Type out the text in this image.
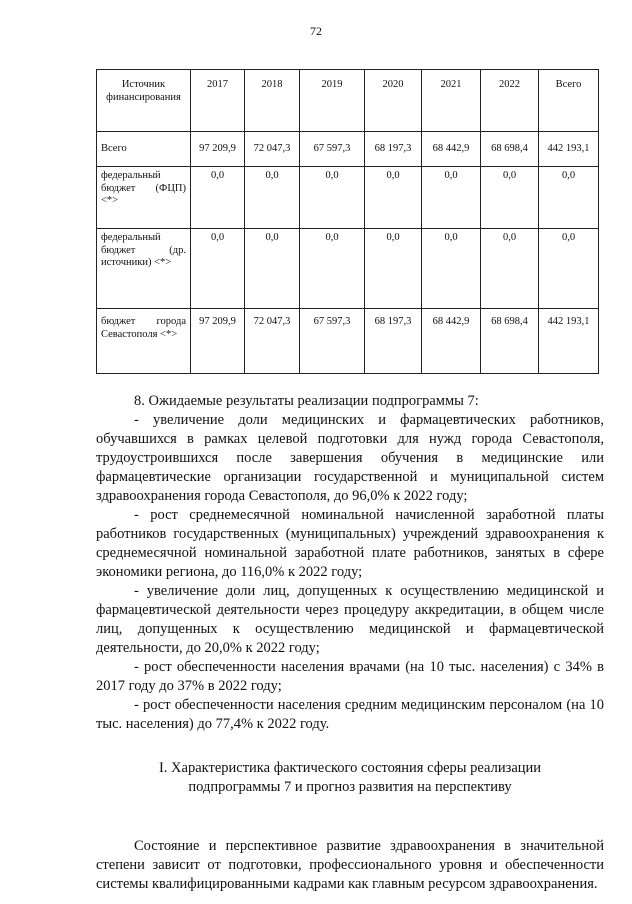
72
Источник финансирования	2017	2018	2019	2020	2021	2022	Всего
Всего	97 209,9	72 047,3	67 597,3	68 197,3	68 442,9	68 698,4	442 193,1
федеральный бюджет (ФЦП) <*>	0,0	0,0	0,0	0,0	0,0	0,0	0,0
федеральный бюджет (др. источники) <*>	0,0	0,0	0,0	0,0	0,0	0,0	0,0
бюджет города Севастополя <*>	97 209,9	72 047,3	67 597,3	68 197,3	68 442,9	68 698,4	442 193,1

8. Ожидаемые результаты реализации подпрограммы 7:

- увеличение доли медицинских и фармацевтических работников, обучавшихся в рамках целевой подготовки для нужд города Севастополя, трудоустроившихся после завершения обучения в медицинские или фармацевтические организации государственной и муниципальной систем здравоохранения города Севастополя, до 96,0% к 2022 году;

- рост среднемесячной номинальной начисленной заработной платы работников государственных (муниципальных) учреждений здравоохранения к среднемесячной номинальной заработной плате работников, занятых в сфере экономики региона, до 116,0% к 2022 году;

- увеличение доли лиц, допущенных к осуществлению медицинской и фармацевтической деятельности через процедуру аккредитации, в общем числе лиц, допущенных к осуществлению медицинской и фармацевтической деятельности, до 20,0% к 2022 году;

- рост обеспеченности населения врачами (на 10 тыс. населения) с 34% в 2017 году до 37% в 2022 году;

- рост обеспеченности населения средним медицинским персоналом (на 10 тыс. населения) до 77,4% к 2022 году.

I. Характеристика фактического состояния сферы реализации
подпрограммы 7 и прогноз развития на перспективу

Состояние и перспективное развитие здравоохранения в значительной степени зависит от подготовки, профессионального уровня и обеспеченности системы квалифицированными кадрами как главным ресурсом здравоохранения.
